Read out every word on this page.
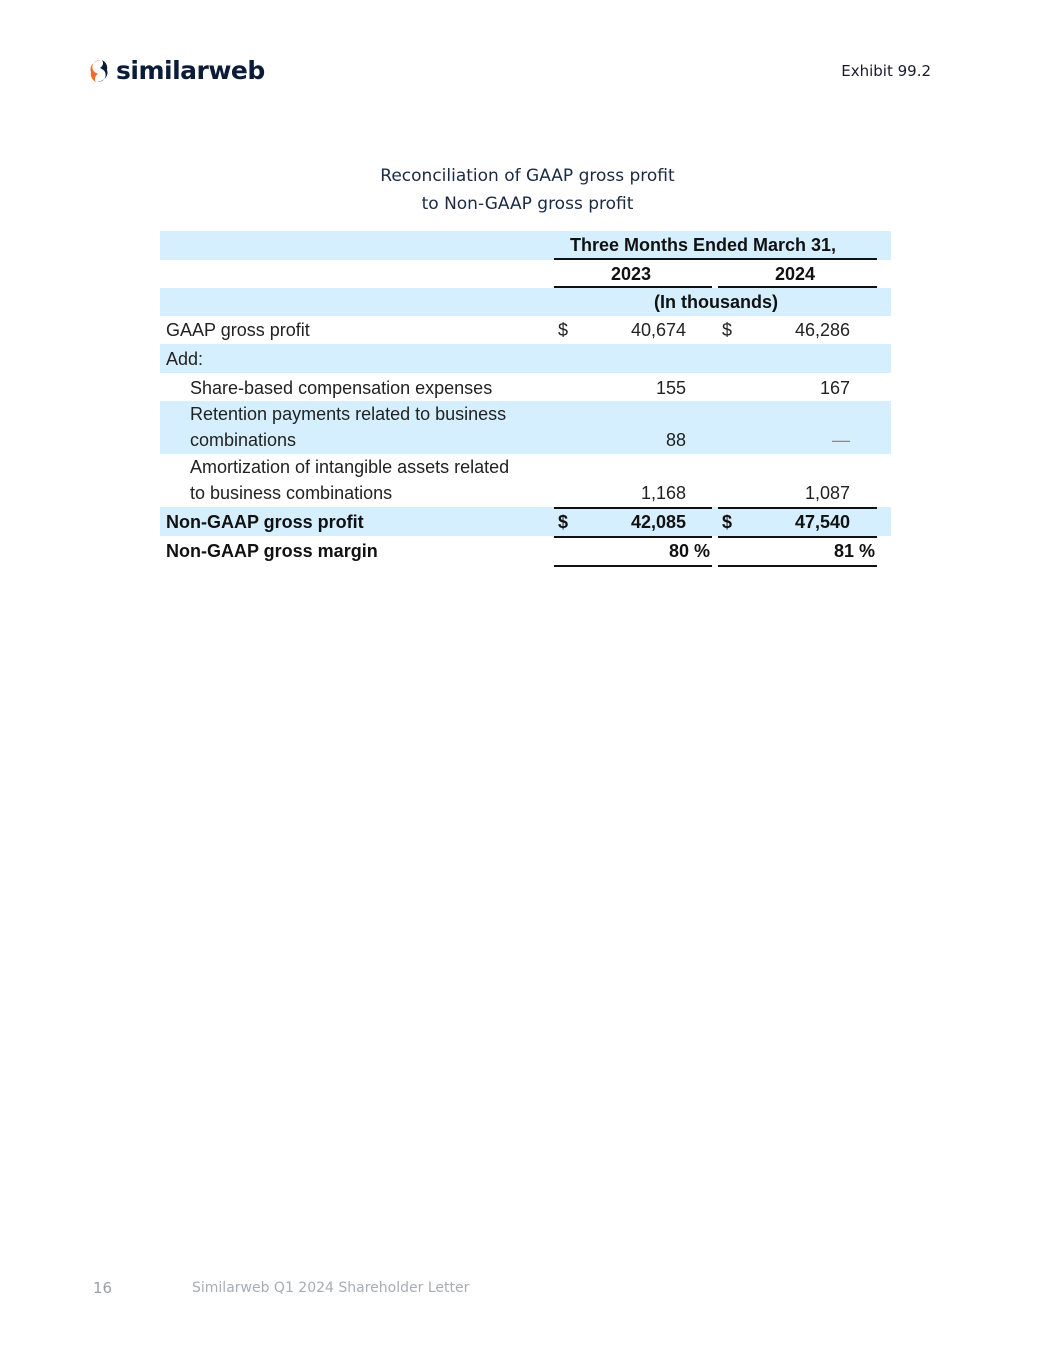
similarweb	Exhibit 99.2
Reconciliation of GAAP gross profit
to Non-GAAP gross profit
Three Months Ended March 31,
2023	2024
(In thousands)
GAAP gross profit	$	40,674 $	46,286
Add:
Share-based compensation expenses	155	167
Retention payments related to business
combinations	88	—
Amortization of intangible assets related
to business combinations	1,168	1,087
Non-GAAP gross profit	$	42,085 $	47,540
Non-GAAP gross margin	80 %	81 %
16	Similarweb Q1 2024 Shareholder Letter
